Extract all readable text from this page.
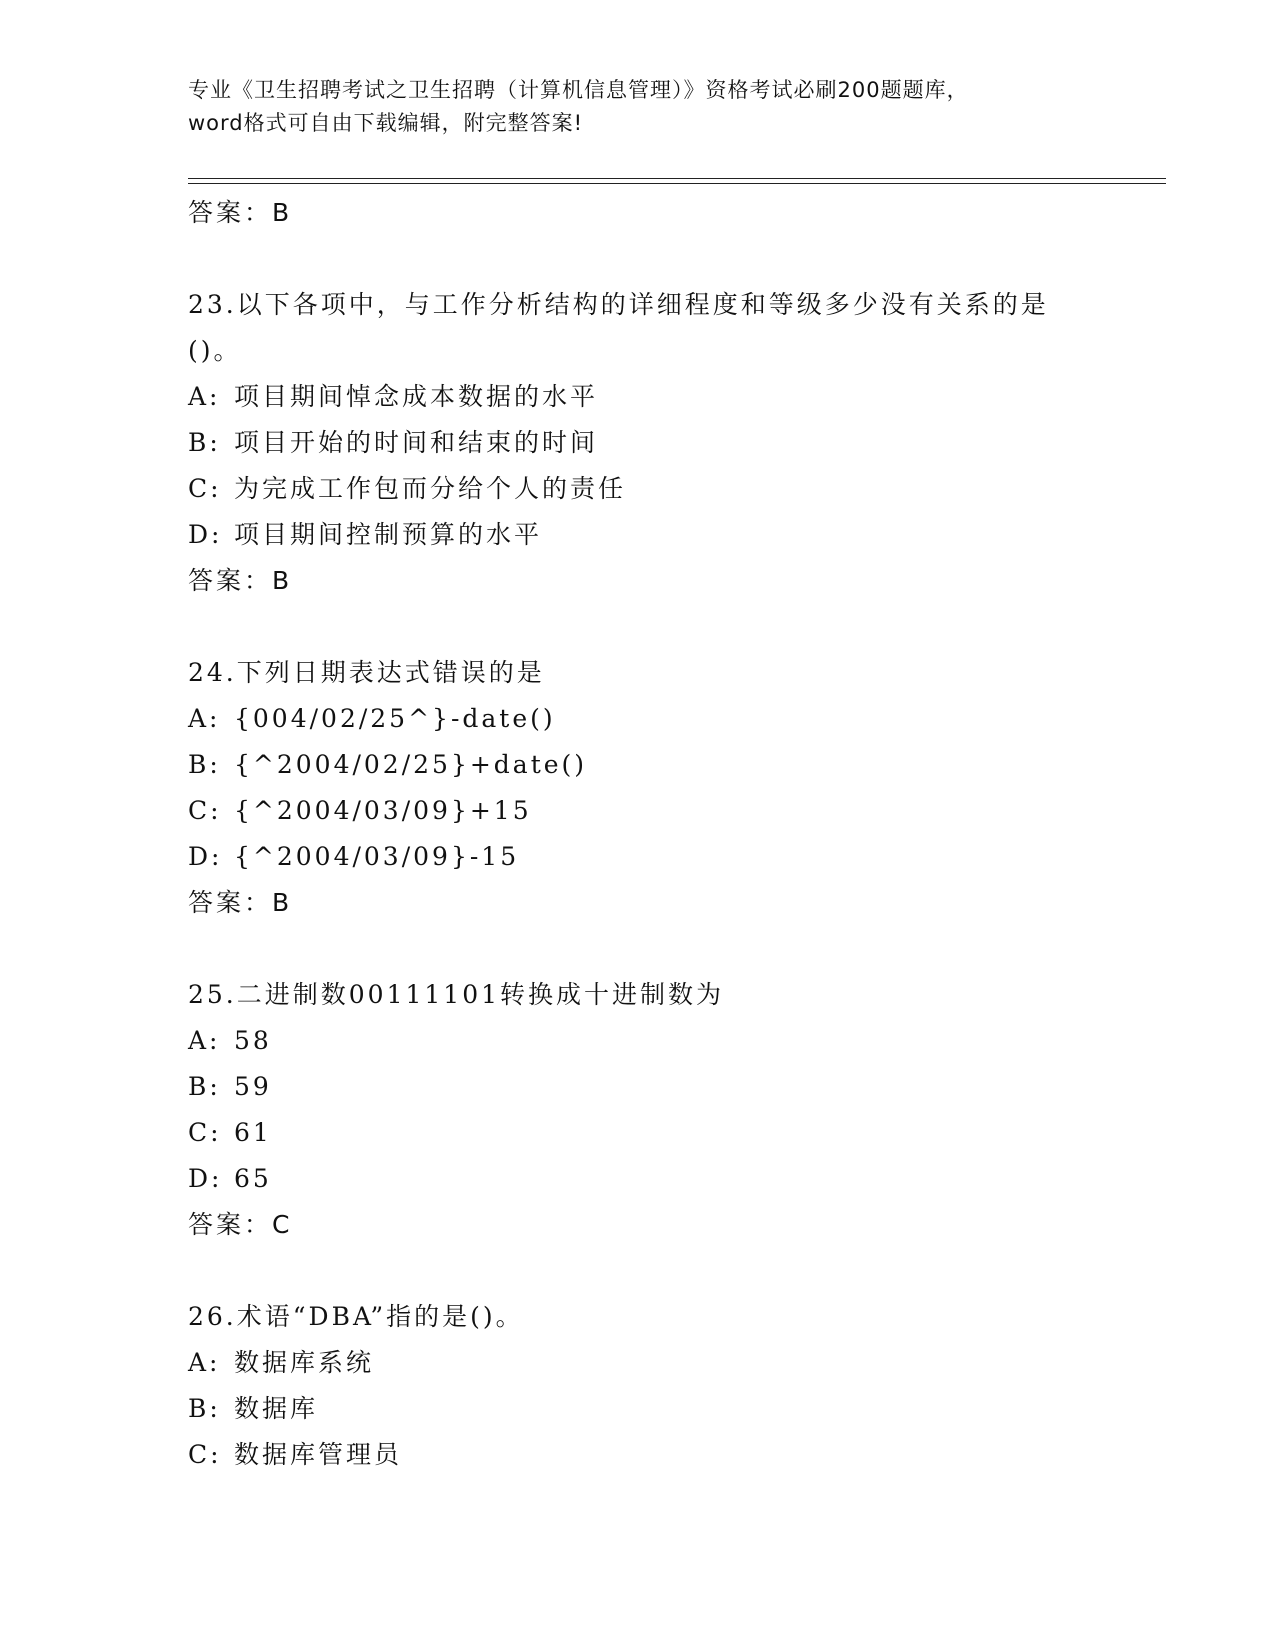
专业《卫生招聘考试之卫生招聘（计算机信息管理）》资格考试必刷200题题库，
word格式可自由下载编辑，附完整答案!
答案：B
23.以下各项中，与工作分析结构的详细程度和等级多少没有关系的是
()。
A: 项目期间悼念成本数据的水平
B: 项目开始的时间和结束的时间
C: 为完成工作包而分给个人的责任
D: 项目期间控制预算的水平
答案：B
24.下列日期表达式错误的是
A: {004/02/25^}-date()
B: {^2004/02/25}+date()
C: {^2004/03/09}+15
D: {^2004/03/09}-15
答案：B
25.二进制数00111101转换成十进制数为
A: 58
B: 59
C: 61
D: 65
答案：C
26.术语“DBA”指的是()。
A: 数据库系统
B: 数据库
C: 数据库管理员
